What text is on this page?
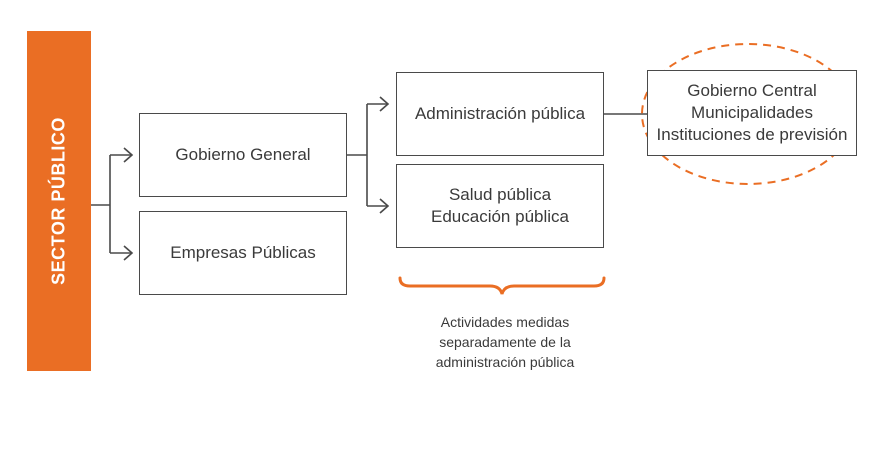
SECTOR PÚBLICO	Gobierno General
Empresas Públicas
Administración pública
Salud pública
Educación pública
Gobierno Central
Municipalidades
Instituciones de previsión
Actividades medidas
separadamente de la
administración pública
